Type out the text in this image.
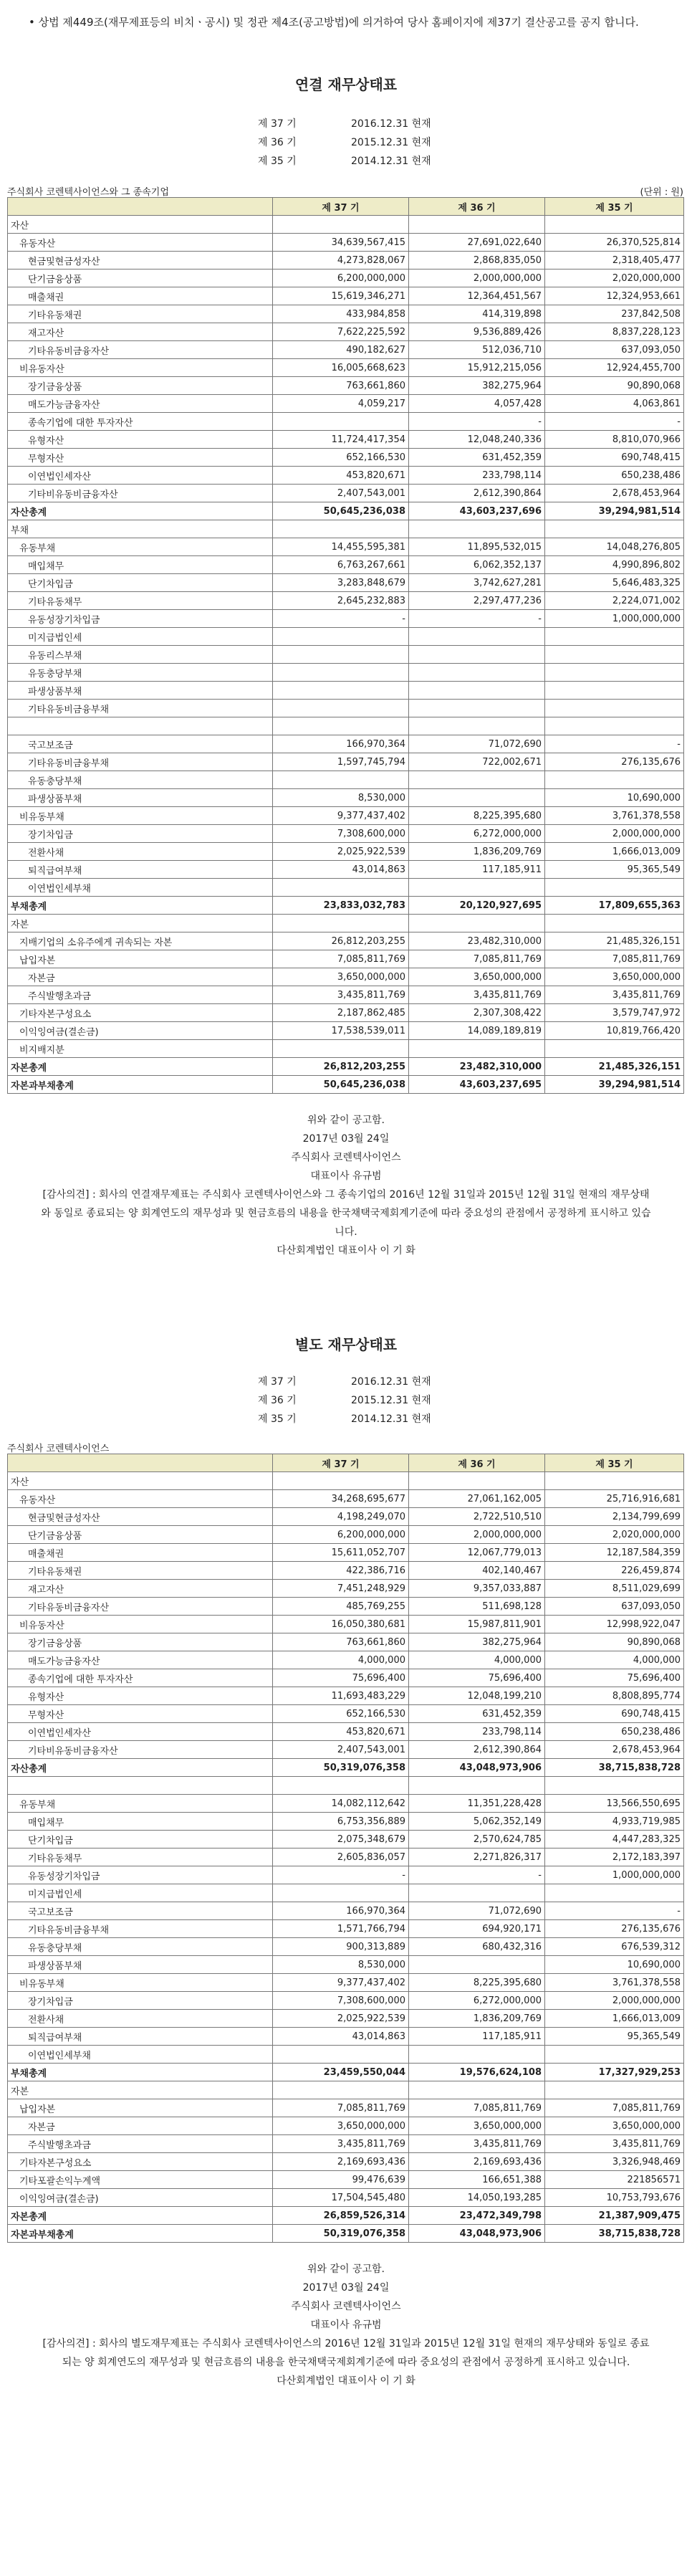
• 상법 제449조(재무제표등의 비치ㆍ공시) 및 정관 제4조(공고방법)에 의거하여 당사 홈페이지에 제37기 결산공고를 공지 합니다.
연결 재무상태표
제 37 기	2016.12.31 현재
제 36 기	2015.12.31 현재
제 35 기	2014.12.31 현재
주식회사 코렌텍사이언스와 그 종속기업	(단위 : 원)
	제 37 기	제 36 기	제 35 기
자산			
유동자산	34,639,567,415	27,691,022,640	26,370,525,814
현금및현금성자산	4,273,828,067	2,868,835,050	2,318,405,477
단기금융상품	6,200,000,000	2,000,000,000	2,020,000,000
매출채권	15,619,346,271	12,364,451,567	12,324,953,661
기타유동채권	433,984,858	414,319,898	237,842,508
재고자산	7,622,225,592	9,536,889,426	8,837,228,123
기타유동비금융자산	490,182,627	512,036,710	637,093,050
비유동자산	16,005,668,623	15,912,215,056	12,924,455,700
장기금융상품	763,661,860	382,275,964	90,890,068
매도가능금융자산	4,059,217	4,057,428	4,063,861
종속기업에 대한 투자자산		-	-
유형자산	11,724,417,354	12,048,240,336	8,810,070,966
무형자산	652,166,530	631,452,359	690,748,415
이연법인세자산	453,820,671	233,798,114	650,238,486
기타비유동비금융자산	2,407,543,001	2,612,390,864	2,678,453,964
자산총계	50,645,236,038	43,603,237,696	39,294,981,514
부채			
유동부채	14,455,595,381	11,895,532,015	14,048,276,805
매입채무	6,763,267,661	6,062,352,137	4,990,896,802
단기차입금	3,283,848,679	3,742,627,281	5,646,483,325
기타유동채무	2,645,232,883	2,297,477,236	2,224,071,002
유동성장기차입금	-	-	1,000,000,000
미지급법인세			
유동리스부채			
유동충당부채			
파생상품부채			
기타유동비금융부채			

국고보조금	166,970,364	71,072,690	-
기타유동비금융부채	1,597,745,794	722,002,671	276,135,676
유동충당부채			
파생상품부채	8,530,000		10,690,000
비유동부채	9,377,437,402	8,225,395,680	3,761,378,558
장기차입금	7,308,600,000	6,272,000,000	2,000,000,000
전환사채	2,025,922,539	1,836,209,769	1,666,013,009
퇴직급여부채	43,014,863	117,185,911	95,365,549
이연법인세부채			
부채총계	23,833,032,783	20,120,927,695	17,809,655,363
자본			
지배기업의 소유주에게 귀속되는 자본	26,812,203,255	23,482,310,000	21,485,326,151
납입자본	7,085,811,769	7,085,811,769	7,085,811,769
자본금	3,650,000,000	3,650,000,000	3,650,000,000
주식발행초과금	3,435,811,769	3,435,811,769	3,435,811,769
기타자본구성요소	2,187,862,485	2,307,308,422	3,579,747,972
이익잉여금(결손금)	17,538,539,011	14,089,189,819	10,819,766,420
비지배지분			
자본총계	26,812,203,255	23,482,310,000	21,485,326,151
자본과부채총계	50,645,236,038	43,603,237,695	39,294,981,514
위와 같이 공고함.
2017년 03월 24일
주식회사 코렌텍사이언스
대표이사 유규범
[감사의견] : 회사의 연결재무제표는 주식회사 코렌텍사이언스와 그 종속기업의 2016년 12월 31일과 2015년 12월 31일 현재의 재무상태와 동일로 종료되는 양 회계연도의 재무성과 및 현금흐름의 내용을 한국채택국제회계기준에 따라 중요성의 관점에서 공정하게 표시하고 있습니다.
다산회계법인 대표이사 이 기 화
별도 재무상태표
제 37 기	2016.12.31 현재
제 36 기	2015.12.31 현재
제 35 기	2014.12.31 현재
주식회사 코렌텍사이언스
	제 37 기	제 36 기	제 35 기
자산			
유동자산	34,268,695,677	27,061,162,005	25,716,916,681
현금및현금성자산	4,198,249,070	2,722,510,510	2,134,799,699
단기금융상품	6,200,000,000	2,000,000,000	2,020,000,000
매출채권	15,611,052,707	12,067,779,013	12,187,584,359
기타유동채권	422,386,716	402,140,467	226,459,874
재고자산	7,451,248,929	9,357,033,887	8,511,029,699
기타유동비금융자산	485,769,255	511,698,128	637,093,050
비유동자산	16,050,380,681	15,987,811,901	12,998,922,047
장기금융상품	763,661,860	382,275,964	90,890,068
매도가능금융자산	4,000,000	4,000,000	4,000,000
종속기업에 대한 투자자산	75,696,400	75,696,400	75,696,400
유형자산	11,693,483,229	12,048,199,210	8,808,895,774
무형자산	652,166,530	631,452,359	690,748,415
이연법인세자산	453,820,671	233,798,114	650,238,486
기타비유동비금융자산	2,407,543,001	2,612,390,864	2,678,453,964
자산총계	50,319,076,358	43,048,973,906	38,715,838,728

유동부채	14,082,112,642	11,351,228,428	13,566,550,695
매입채무	6,753,356,889	5,062,352,149	4,933,719,985
단기차입금	2,075,348,679	2,570,624,785	4,447,283,325
기타유동채무	2,605,836,057	2,271,826,317	2,172,183,397
유동성장기차입금	-	-	1,000,000,000
미지급법인세			
국고보조금	166,970,364	71,072,690	-
기타유동비금융부채	1,571,766,794	694,920,171	276,135,676
유동충당부채	900,313,889	680,432,316	676,539,312
파생상품부채	8,530,000		10,690,000
비유동부채	9,377,437,402	8,225,395,680	3,761,378,558
장기차입금	7,308,600,000	6,272,000,000	2,000,000,000
전환사채	2,025,922,539	1,836,209,769	1,666,013,009
퇴직급여부채	43,014,863	117,185,911	95,365,549
이연법인세부채			
부채총계	23,459,550,044	19,576,624,108	17,327,929,253
자본			
납입자본	7,085,811,769	7,085,811,769	7,085,811,769
자본금	3,650,000,000	3,650,000,000	3,650,000,000
주식발행초과금	3,435,811,769	3,435,811,769	3,435,811,769
기타자본구성요소	2,169,693,436	2,169,693,436	3,326,948,469
기타포괄손익누계액	99,476,639	166,651,388	221856571
이익잉여금(결손금)	17,504,545,480	14,050,193,285	10,753,793,676
자본총계	26,859,526,314	23,472,349,798	21,387,909,475
자본과부채총계	50,319,076,358	43,048,973,906	38,715,838,728
위와 같이 공고함.
2017년 03월 24일
주식회사 코렌텍사이언스
대표이사 유규범
[감사의견] : 회사의 별도재무제표는 주식회사 코렌텍사이언스의 2016년 12월 31일과 2015년 12월 31일 현재의 재무상태와 동일로 종료되는 양 회계연도의 재무성과 및 현금흐름의 내용을 한국채택국제회계기준에 따라 중요성의 관점에서 공정하게 표시하고 있습니다.
다산회계법인 대표이사 이 기 화
